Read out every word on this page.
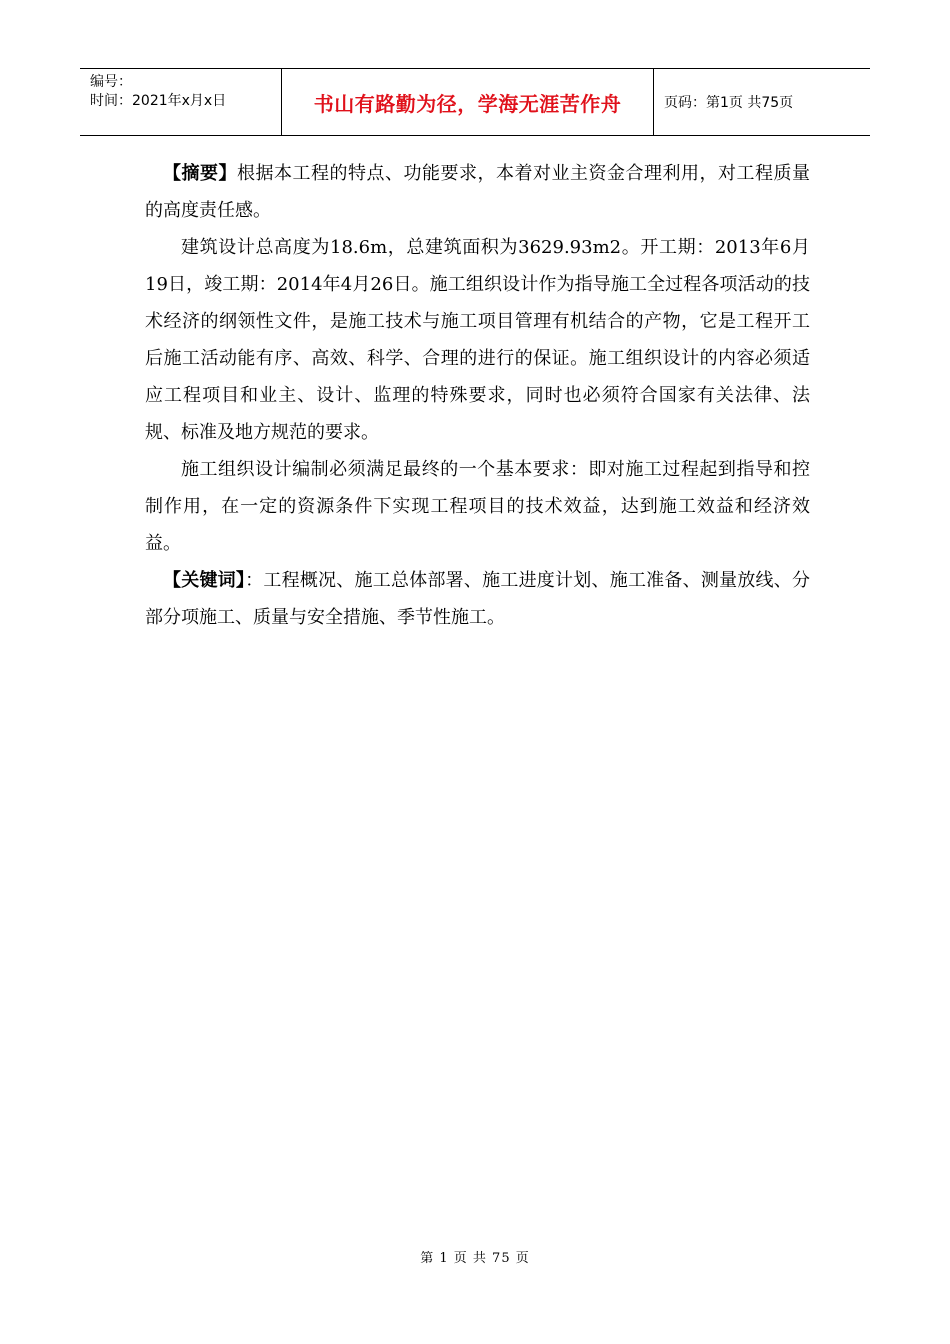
编号：
时间：2021年x月x日	书山有路勤为径，学海无涯苦作舟	页码：第1页 共75页

【摘要】根据本工程的特点、功能要求，本着对业主资金合理利用，对工程质量的高度责任感。

建筑设计总高度为18.6m，总建筑面积为3629.93m2。开工期：2013年6月19日，竣工期：2014年4月26日。施工组织设计作为指导施工全过程各项活动的技术经济的纲领性文件，是施工技术与施工项目管理有机结合的产物，它是工程开工后施工活动能有序、高效、科学、合理的进行的保证。施工组织设计的内容必须适应工程项目和业主、设计、监理的特殊要求，同时也必须符合国家有关法律、法规、标准及地方规范的要求。

施工组织设计编制必须满足最终的一个基本要求：即对施工过程起到指导和控制作用，在一定的资源条件下实现工程项目的技术效益，达到施工效益和经济效益。

【关键词】：工程概况、施工总体部署、施工进度计划、施工准备、测量放线、分部分项施工、质量与安全措施、季节性施工。

第 1 页 共 75 页
